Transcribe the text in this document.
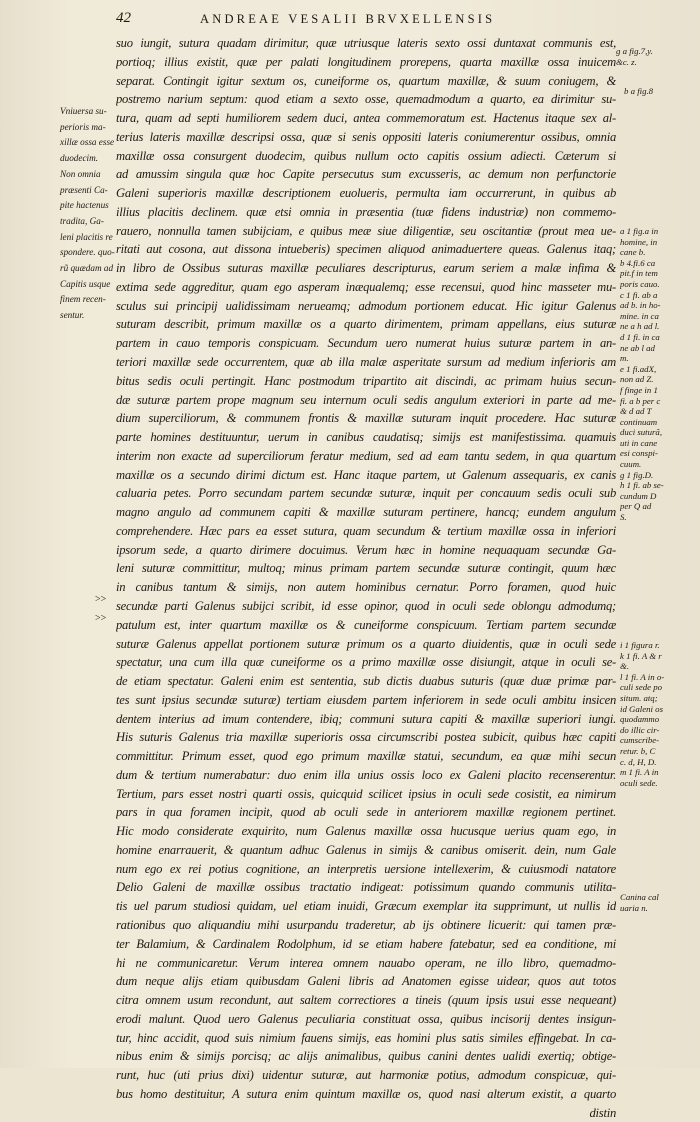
42	ANDREAE VESALII BRVXELLENSIS
suo iungit, sutura quadam dirimitur, quæ utriusque lateris sexto ossi duntaxat communis est,
portioq; illius existit, quæ per palati longitudinem prorepens, quarta maxillæ ossa inuicem
separat. Contingit igitur sextum os, cuneiforme os, quartum maxillæ, & suum coniugem, &
postremo narium septum: quod etiam a sexto osse, quemadmodum a quarto, ea dirimitur su-
tura, quam ad septi humiliorem sedem duci, antea commemoratum est. Hactenus itaque sex al-
terius lateris maxillæ descripsi ossa, quæ si senis oppositi lateris coniumerentur ossibus, omnia
maxillæ ossa consurgent duodecim, quibus nullum octo capitis ossium adiecti. Cæterum si
ad amussim singula quæ hoc Capite persecutus sum excusseris, ac demum non perfunctorie
Galeni superioris maxillæ descriptionem euolueris, permulta iam occurrerunt, in quibus ab
illius placitis declinem. quæ etsi omnia in præsentia (tuæ fidens industriæ) non commemo-
rauero, nonnulla tamen subijciam, e quibus meæ siue diligentiæ, seu oscitantiæ (prout mea ue-
ritati aut cosona, aut dissona intueberis) specimen aliquod animaduertere queas. Galenus itaq;
in libro de Ossibus suturas maxillæ peculiares descripturus, earum seriem a malæ infima &
extima sede aggreditur, quam ego asperam inæqualemq; esse recensui, quod hinc masseter mu-
sculus sui principij ualidissimam neruеamq; admodum portionem educat. Hic igitur Galenus
suturam describit, primum maxillæ os a quarto dirimentem, primam appellans, eius suturæ
partem in cauo temporis conspicuam. Secundum uero numerat huius suturæ partem in an-
teriori maxillæ sede occurrentem, quæ ab illa malæ asperitate sursum ad medium inferioris am
bitus sedis oculi pertingit. Hanc postmodum tripartito ait discindi, ac primam huius secun-
dæ suturæ partem prope magnum seu internum oculi sedis angulum exteriori in parte ad me-
dium superciliorum, & communem frontis & maxillæ suturam inquit procedere. Hac suturæ
parte homines destituuntur, uerum in canibus caudatisq; simijs est manifestissima. quamuis
interim non exacte ad superciliorum feratur medium, sed ad eam tantu sedem, in qua quartum
maxillæ os a secundo dirimi dictum est. Hanc itaque partem, ut Galenum assequaris, ex canis
caluaria petes. Porro secundam partem secundæ suturæ, inquit per concauum sedis oculi sub
magno angulo ad communem capiti & maxillæ suturam pertinere, hancq; eundem angulum
comprehendere. Hæc pars ea esset sutura, quam secundum & tertium maxillæ ossa in inferiori
ipsorum sede, a quarto dirimere docuimus. Verum hæc in homine nequaquam secundæ Ga-
leni suturæ committitur, multoq; minus primam partem secundæ suturæ contingit, quum hæc
in canibus tantum & simijs, non autem hominibus cernatur. Porro foramen, quod huic
secundæ parti Galenus subijci scribit, id esse opinor, quod in oculi sede oblongu admodumq;
patulum est, inter quartum maxillæ os & cuneiforme conspicuum. Tertiam partem secundæ
suturæ Galenus appellat portionem suturæ primum os a quarto diuidentis, quæ in oculi sede
spectatur, una cum illa quæ cuneiforme os a primo maxillæ osse disiungit, atque in oculi se-
de etiam spectatur. Galeni enim est sententia, sub dictis duabus suturis (quæ duæ primæ par-
tes sunt ipsius secundæ suturæ) tertiam eiusdem partem inferiorem in sede oculi ambitu insicen
dentem interius ad imum contendere, ibiq; communi sutura capiti & maxillæ superiori iungi.
His suturis Galenus tria maxillæ superioris ossa circumscribi postea subicit, quibus hæc capiti
committitur. Primum esset, quod ego primum maxillæ statui, secundum, ea quæ mihi secun
dum & tertium numerabatur: duo enim illa unius ossis loco ex Galeni placito recenserentur.
Tertium, pars esset nostri quarti ossis, quicquid scilicet ipsius in oculi sede cosistit, ea nimirum
pars in qua foramen incipit, quod ab oculi sede in anteriorem maxillæ regionem pertinet.
Hic modo considerate exquirito, num Galenus maxillæ ossa hucusque uerius quam ego, in
homine enarrauerit, & quantum adhuc Galenus in simijs & canibus omiserit. dein, num Gale
num ego ex rei potius cognitione, an interpretis uersione intellexerim, & cuiusmodi natatore
Delio Galeni de maxillæ ossibus tractatio indigeat: potissimum quando communis utilita-
tis uel parum studiosi quidam, uel etiam inuidi, Græcum exemplar ita supprimunt, ut nullis id
rationibus quo aliquandiu mihi usurpandu traderetur, ab ijs obtinere licuerit: qui tamen præ-
ter Balamium, & Cardinalem Rodolphum, id se etiam habere fatebatur, sed ea conditione, mi
hi ne communicaretur. Verum interea omnem nauabo operam, ne illo libro, quemadmo-
dum neque alijs etiam quibusdam Galeni libris ad Anatomen egisse uidear, quos aut totos
citra omnem usum recondunt, aut saltem correctiores a tineis (quum ipsis usui esse nequeant)
erodi malunt. Quod uero Galenus peculiaria constituat ossa, quibus incisorij dentes insigun-
tur, hinc accidit, quod suis nimium fauens simijs, eas homini plus satis similes effingebat. In ca-
nibus enim & simijs porcisq; ac alijs animalibus, quibus canini dentes ualidi exertiq; obtige-
runt, huc (uti prius dixi) uidentur suturæ, aut harmoniæ potius, admodum conspicuæ, qui-
bus homo destituitur, A sutura enim quintum maxillæ os, quod nasi alterum existit, a quarto
distin
>>
>>
Vniuersa su-
perioris ma-
xillæ ossa esse
duodecim.
Non omnia
præsenti Ca-
pite hactenus
tradita, Ga-
leni placitis re
spondere. quo-
rũ quædam ad
Capitis usque
finem recen-
sentur.
g a fig.7,y.
&c. z.
b a fig.8
a 1 fig.a in
homine, in
cane b.
b 4.fi.6 ca
pit.f in tem
poris cauo.
c 1 fi. ab a
ad b. in ho-
mine. in ca
ne a h ad l.
d 1 fi. in ca
ne ab l ad
m.
e 1 fi.adX,
non ad Z.
f finge in 1
fi. a b per c
& d ad T
continuam
duci suturã,
uti in cane
esi conspi-
cuum.
g 1 fig.D.
h 1 fi. ab se-
cundum D
per Q ad
S.
i 1 figura r.
k 1 fi. A & r
&.
l 1 fi. A in o-
culi sede po
situm. atq;
id Galeni os
quodammo
do illic cir-
cumscribe-
retur. b, C
c. d, H, D.
m 1 fi. A in
oculi sede.
Canina cal
uaria n.
